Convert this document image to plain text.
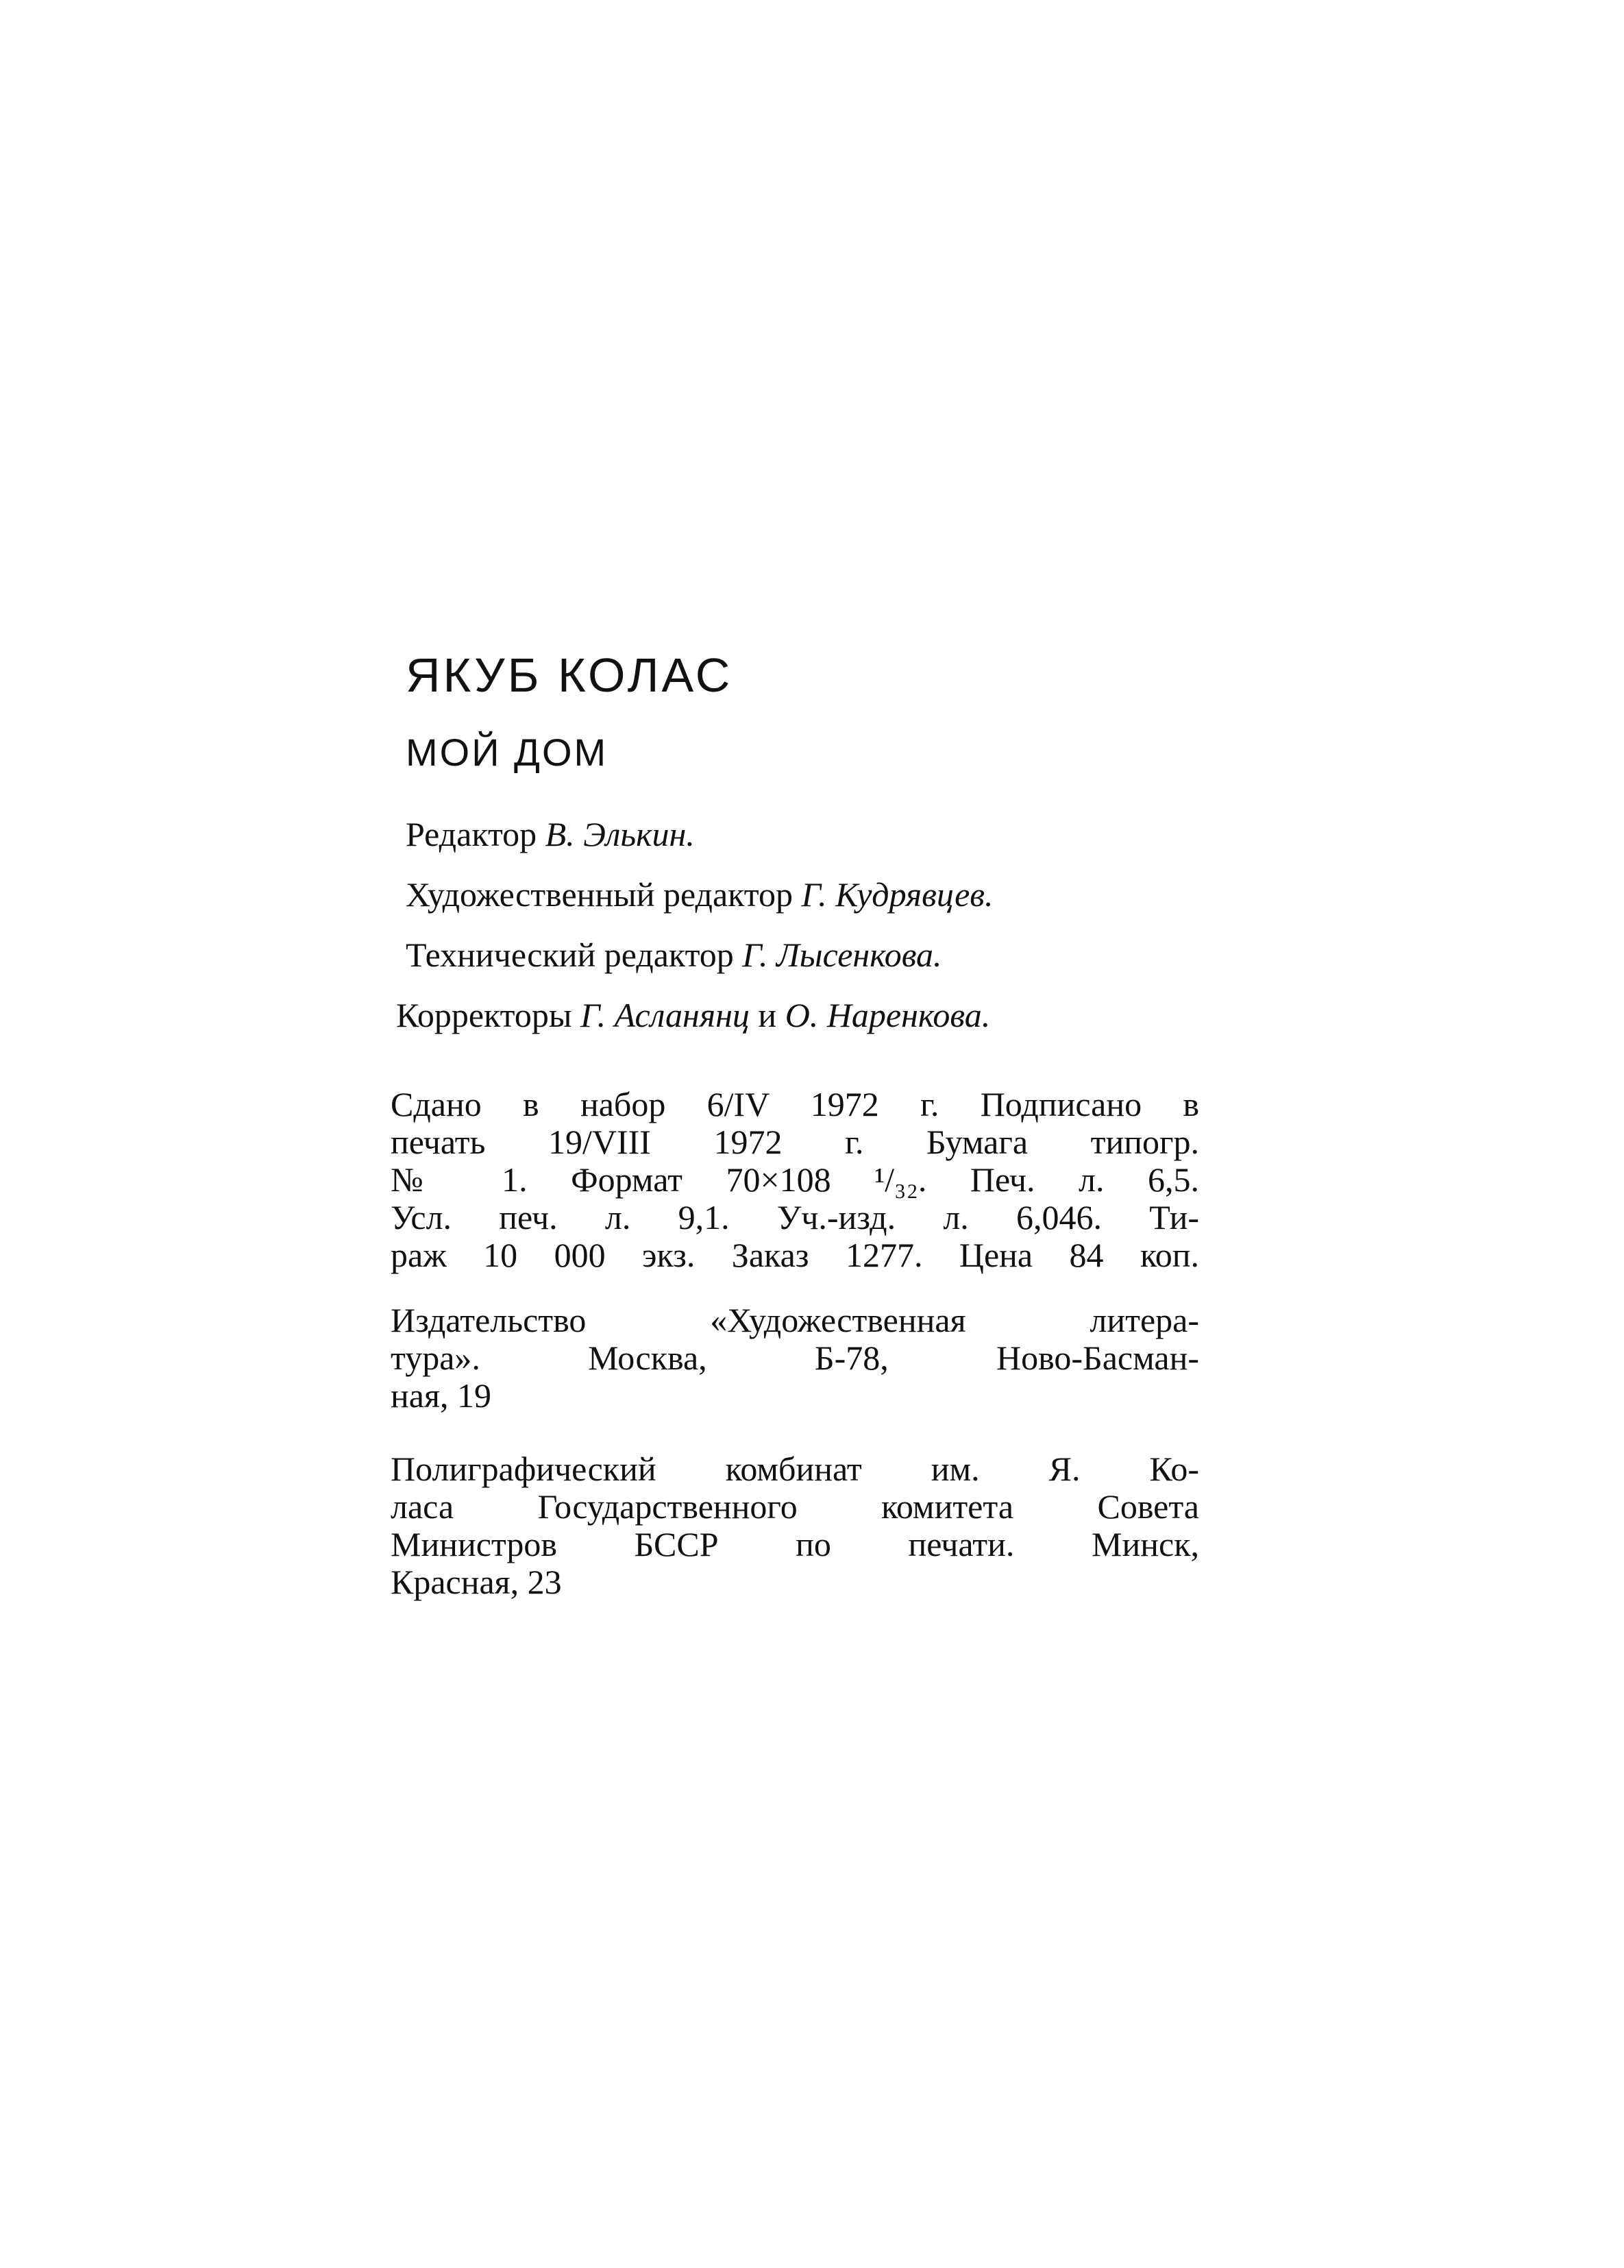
ЯКУБ КОЛАС
МОЙ ДОМ
Редактор В. Элькин.
Художественный редактор Г. Кудрявцев.
Технический редактор Г. Лысенкова.
Корректоры Г. Асланянц и О. Наренкова.
Сдано в набор 6/IV 1972 г. Подписано в
печать 19/VIII 1972 г. Бумага типогр.
№ 1. Формат 70×108 ¹/₃₂. Печ. л. 6,5.
Усл. печ. л. 9,1. Уч.-изд. л. 6,046. Ти-
раж 10 000 экз. Заказ 1277. Цена 84 коп.
Издательство «Художественная литера-
тура». Москва, Б-78, Ново-Басман-
ная, 19
Полиграфический комбинат им. Я. Ко-
ласа Государственного комитета Совета
Министров БССР по печати. Минск,
Красная, 23
